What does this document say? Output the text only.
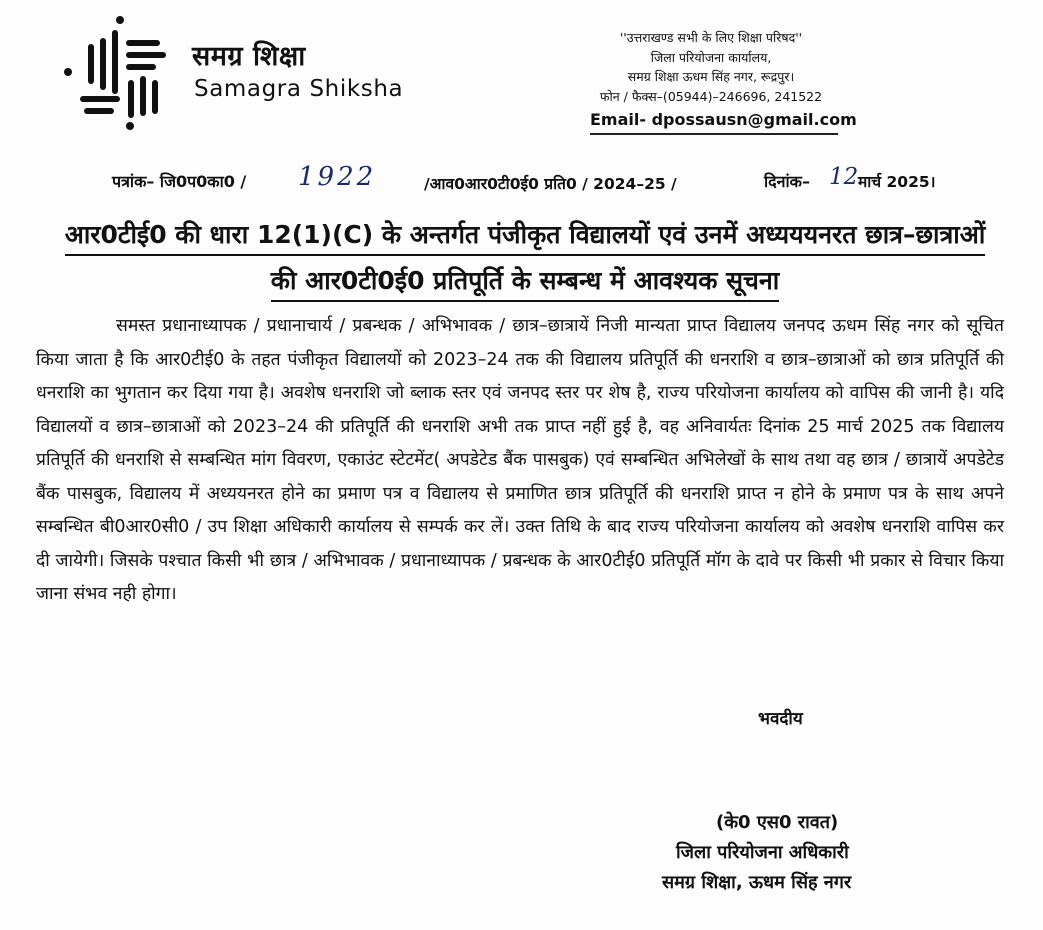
समग्र शिक्षा
Samagra Shiksha
''उत्तराखण्ड सभी के लिए शिक्षा परिषद''
जिला परियोजना कार्यालय,
समग्र शिक्षा ऊधम सिंह नगर, रूद्रपुर।
फोन / फैक्स–(05944)–246696, 241522
Email- dpossausn@gmail.com
पत्रांक– जि0प0का0 / 1922	/आव0आर0टी0ई0 प्रति0 / 2024–25 /	दिनांक– 12 मार्च 2025।
आर0टीई0 की धारा 12(1)(C) के अन्तर्गत पंजीकृत विद्यालयों एवं उनमें अध्यययनरत छात्र–छात्राओं
की आर0टी0ई0 प्रतिपूर्ति के सम्बन्ध में आवश्यक सूचना
समस्त प्रधानाध्यापक / प्रधानाचार्य / प्रबन्धक / अभिभावक / छात्र–छात्रायें निजी मान्यता प्राप्त विद्यालय जनपद ऊधम सिंह नगर को सूचित किया जाता है कि आर0टीई0 के तहत पंजीकृत विद्यालयों को 2023–24 तक की विद्यालय प्रतिपूर्ति की धनराशि व छात्र–छात्राओं को छात्र प्रतिपूर्ति की धनराशि का भुगतान कर दिया गया है। अवशेष धनराशि जो ब्लाक स्तर एवं जनपद स्तर पर शेष है, राज्य परियोजना कार्यालय को वापिस की जानी है। यदि विद्यालयों व छात्र–छात्राओं को 2023–24 की प्रतिपूर्ति की धनराशि अभी तक प्राप्त नहीं हुई है, वह अनिवार्यतः दिनांक 25 मार्च 2025 तक विद्यालय प्रतिपूर्ति की धनराशि से सम्बन्धित मांग विवरण, एकाउंट स्टेटमेंट( अपडेटेड बैंक पासबुक) एवं सम्बन्धित अभिलेखों के साथ तथा वह छात्र / छात्रायें अपडेटेड बैंक पासबुक, विद्यालय में अध्ययनरत होने का प्रमाण पत्र व विद्यालय से प्रमाणित छात्र प्रतिपूर्ति की धनराशि प्राप्त न होने के प्रमाण पत्र के साथ अपने सम्बन्धित बी0आर0सी0 / उप शिक्षा अधिकारी कार्यालय से सम्पर्क कर लें। उक्त तिथि के बाद राज्य परियोजना कार्यालय को अवशेष धनराशि वापिस कर दी जायेगी। जिसके पश्चात किसी भी छात्र / अभिभावक / प्रधानाध्यापक / प्रबन्धक के आर0टीई0 प्रतिपूर्ति मॉग के दावे पर किसी भी प्रकार से विचार किया जाना संभव नही होगा।
भवदीय
(के0 एस0 रावत)
जिला परियोजना अधिकारी
समग्र शिक्षा, ऊधम सिंह नगर
